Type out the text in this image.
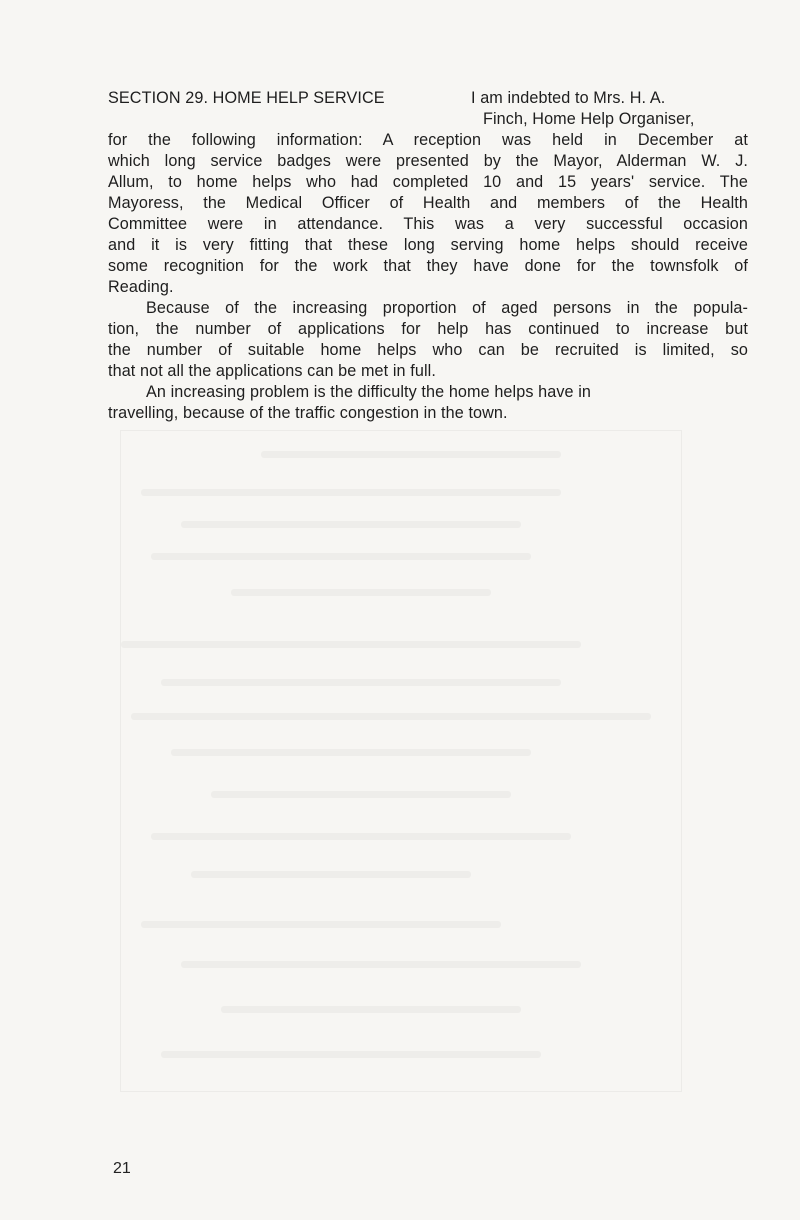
SECTION 29. HOME HELP SERVICE	I am indebted to Mrs. H. A.
Finch, Home Help Organiser,
for the following information: A reception was held in December at
which long service badges were presented by the Mayor, Alderman W. J.
Allum, to home helps who had completed 10 and 15 years' service. The
Mayoress, the Medical Officer of Health and members of the Health
Committee were in attendance. This was a very successful occasion
and it is very fitting that these long serving home helps should receive
some recognition for the work that they have done for the townsfolk of
Reading.
Because of the increasing proportion of aged persons in the popula-
tion, the number of applications for help has continued to increase but
the number of suitable home helps who can be recruited is limited, so
that not all the applications can be met in full.
An increasing problem is the difficulty the home helps have in
travelling, because of the traffic congestion in the town.
21
